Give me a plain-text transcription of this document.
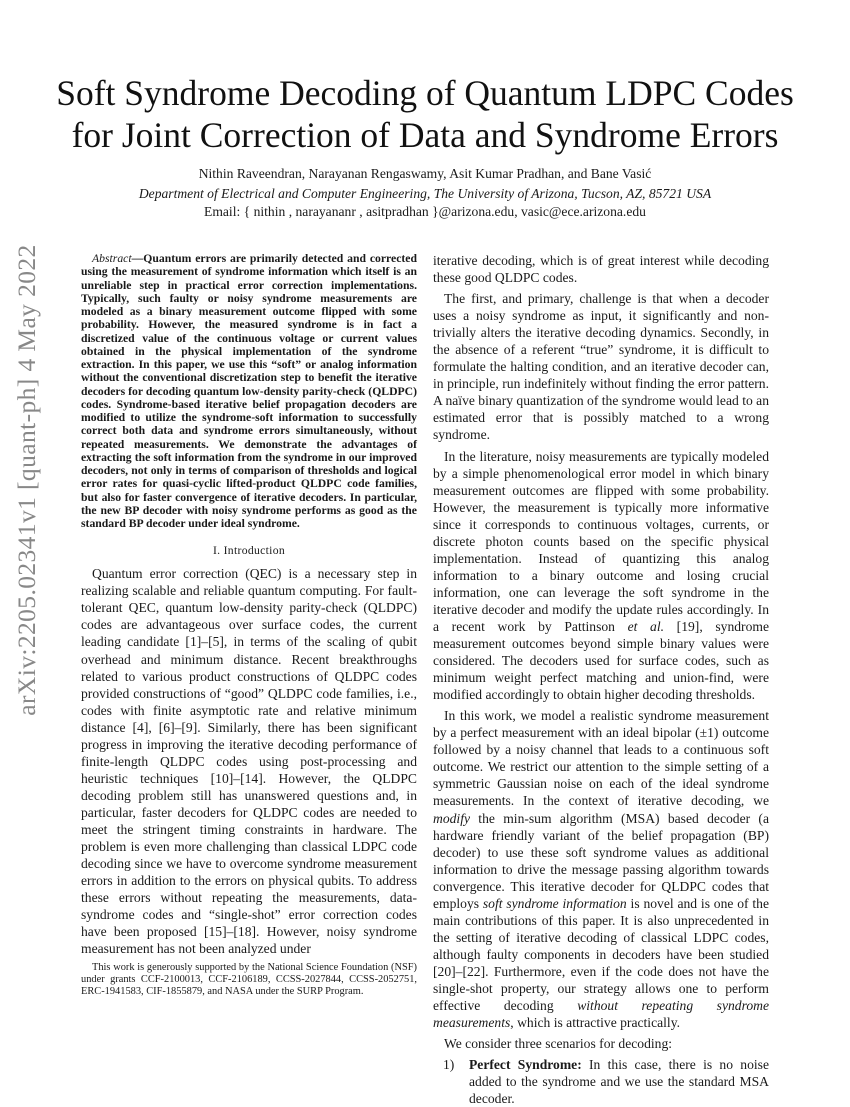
arXiv:2205.02341v1 [quant-ph] 4 May 2022
Soft Syndrome Decoding of Quantum LDPC Codes
for Joint Correction of Data and Syndrome Errors

Nithin Raveendran, Narayanan Rengaswamy, Asit Kumar Pradhan, and Bane Vasić

Department of Electrical and Computer Engineering, The University of Arizona, Tucson, AZ, 85721 USA

Email: { nithin , narayananr , asitpradhan }@arizona.edu, vasic@ece.arizona.edu

Abstract—Quantum errors are primarily detected and corrected using the measurement of syndrome information which itself is an unreliable step in practical error correction implementations. Typically, such faulty or noisy syndrome measurements are modeled as a binary measurement outcome flipped with some probability. However, the measured syndrome is in fact a discretized value of the continuous voltage or current values obtained in the physical implementation of the syndrome extraction. In this paper, we use this “soft” or analog information without the conventional discretization step to benefit the iterative decoders for decoding quantum low-density parity-check (QLDPC) codes. Syndrome-based iterative belief propagation decoders are modified to utilize the syndrome-soft information to successfully correct both data and syndrome errors simultaneously, without repeated measurements. We demonstrate the advantages of extracting the soft information from the syndrome in our improved decoders, not only in terms of comparison of thresholds and logical error rates for quasi-cyclic lifted-product QLDPC code families, but also for faster convergence of iterative decoders. In particular, the new BP decoder with noisy syndrome performs as good as the standard BP decoder under ideal syndrome.

I. Introduction

Quantum error correction (QEC) is a necessary step in realizing scalable and reliable quantum computing. For fault-tolerant QEC, quantum low-density parity-check (QLDPC) codes are advantageous over surface codes, the current leading candidate [1]–[5], in terms of the scaling of qubit overhead and minimum distance. Recent breakthroughs related to various product constructions of QLDPC codes provided constructions of “good” QLDPC code families, i.e., codes with finite asymptotic rate and relative minimum distance [4], [6]–[9]. Similarly, there has been significant progress in improving the iterative decoding performance of finite-length QLDPC codes using post-processing and heuristic techniques [10]–[14]. However, the QLDPC decoding problem still has unanswered questions and, in particular, faster decoders for QLDPC codes are needed to meet the stringent timing constraints in hardware. The problem is even more challenging than classical LDPC code decoding since we have to overcome syndrome measurement errors in addition to the errors on physical qubits. To address these errors without repeating the measurements, data-syndrome codes and “single-shot” error correction codes have been proposed [15]–[18]. However, noisy syndrome measurement has not been analyzed under

This work is generously supported by the National Science Foundation (NSF) under grants CCF-2100013, CCF-2106189, CCSS-2027844, CCSS-2052751, ERC-1941583, CIF-1855879, and NASA under the SURP Program.

iterative decoding, which is of great interest while decoding these good QLDPC codes.

The first, and primary, challenge is that when a decoder uses a noisy syndrome as input, it significantly and non-trivially alters the iterative decoding dynamics. Secondly, in the absence of a referent “true” syndrome, it is difficult to formulate the halting condition, and an iterative decoder can, in principle, run indefinitely without finding the error pattern. A naïve binary quantization of the syndrome would lead to an estimated error that is possibly matched to a wrong syndrome.

In the literature, noisy measurements are typically modeled by a simple phenomenological error model in which binary measurement outcomes are flipped with some probability. However, the measurement is typically more informative since it corresponds to continuous voltages, currents, or discrete photon counts based on the specific physical implementation. Instead of quantizing this analog information to a binary outcome and losing crucial information, one can leverage the soft syndrome in the iterative decoder and modify the update rules accordingly. In a recent work by Pattinson et al. [19], syndrome measurement outcomes beyond simple binary values were considered. The decoders used for surface codes, such as minimum weight perfect matching and union-find, were modified accordingly to obtain higher decoding thresholds.

In this work, we model a realistic syndrome measurement by a perfect measurement with an ideal bipolar (±1) outcome followed by a noisy channel that leads to a continuous soft outcome. We restrict our attention to the simple setting of a symmetric Gaussian noise on each of the ideal syndrome measurements. In the context of iterative decoding, we modify the min-sum algorithm (MSA) based decoder (a hardware friendly variant of the belief propagation (BP) decoder) to use these soft syndrome values as additional information to drive the message passing algorithm towards convergence. This iterative decoder for QLDPC codes that employs soft syndrome information is novel and is one of the main contributions of this paper. It is also unprecedented in the setting of iterative decoding of classical LDPC codes, although faulty components in decoders have been studied [20]–[22]. Furthermore, even if the code does not have the single-shot property, our strategy allows one to perform effective decoding without repeating syndrome measurements, which is attractive practically.

We consider three scenarios for decoding:

1)	Perfect Syndrome: In this case, there is no noise added to the syndrome and we use the standard MSA decoder.
